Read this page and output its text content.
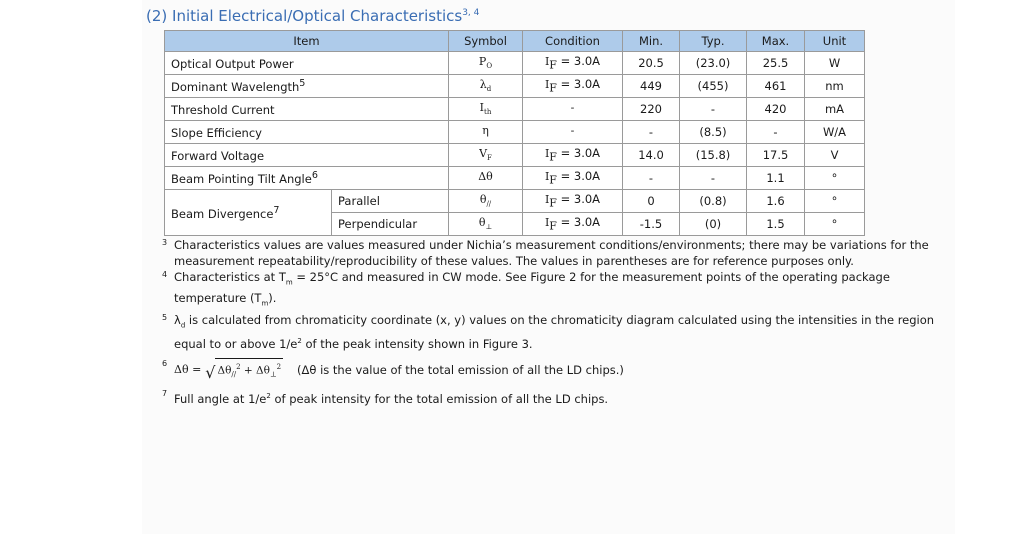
(2) Initial Electrical/Optical Characteristics$^{3, 4}$
Item		Symbol	Condition	Min.	Typ.	Max.	Unit
Optical Output Power		$P_O$	$I_F = 3.0A$	20.5	(23.0)	25.5	W
Dominant Wavelength$^5$		$\lambda_d$	$I_F = 3.0A$	449	(455)	461	nm
Threshold Current		$I_{th}$	-	220	-	420	mA
Slope Efficiency		η	-	-	(8.5)	-	W/A
Forward Voltage		$V_F$	$I_F = 3.0A$	14.0	(15.8)	17.5	V
Beam Pointing Tilt Angle$^6$		Δθ	$I_F = 3.0A$	-	-	1.1	°
Beam Divergence$^7$	Parallel	$\theta_{//}$	$I_F = 3.0A$	0	(0.8)	1.6	°
	Perpendicular	$\theta_\perp$	$I_F = 3.0A$	-1.5	(0)	1.5	°
3 Characteristics values are values measured under Nichia’s measurement conditions/environments; there may be variations for the measurement repeatability/reproducibility of these values. The values in parentheses are for reference purposes only.
4 Characteristics at $T_m = 25^\circ C$ and measured in CW mode. See Figure 2 for the measurement points of the operating package temperature $(T_m)$.
5 $\lambda_d$ is calculated from chromaticity coordinate (x, y) values on the chromaticity diagram calculated using the intensities in the region equal to or above $1/e^2$ of the peak intensity shown in Figure 3.
6 Δθ = √ $\Delta\theta_{//}^2 + \Delta\theta_\perp^2$ (Δθ is the value of the total emission of all the LD chips.)
7 Full angle at $1/e^2$ of peak intensity for the total emission of all the LD chips.
